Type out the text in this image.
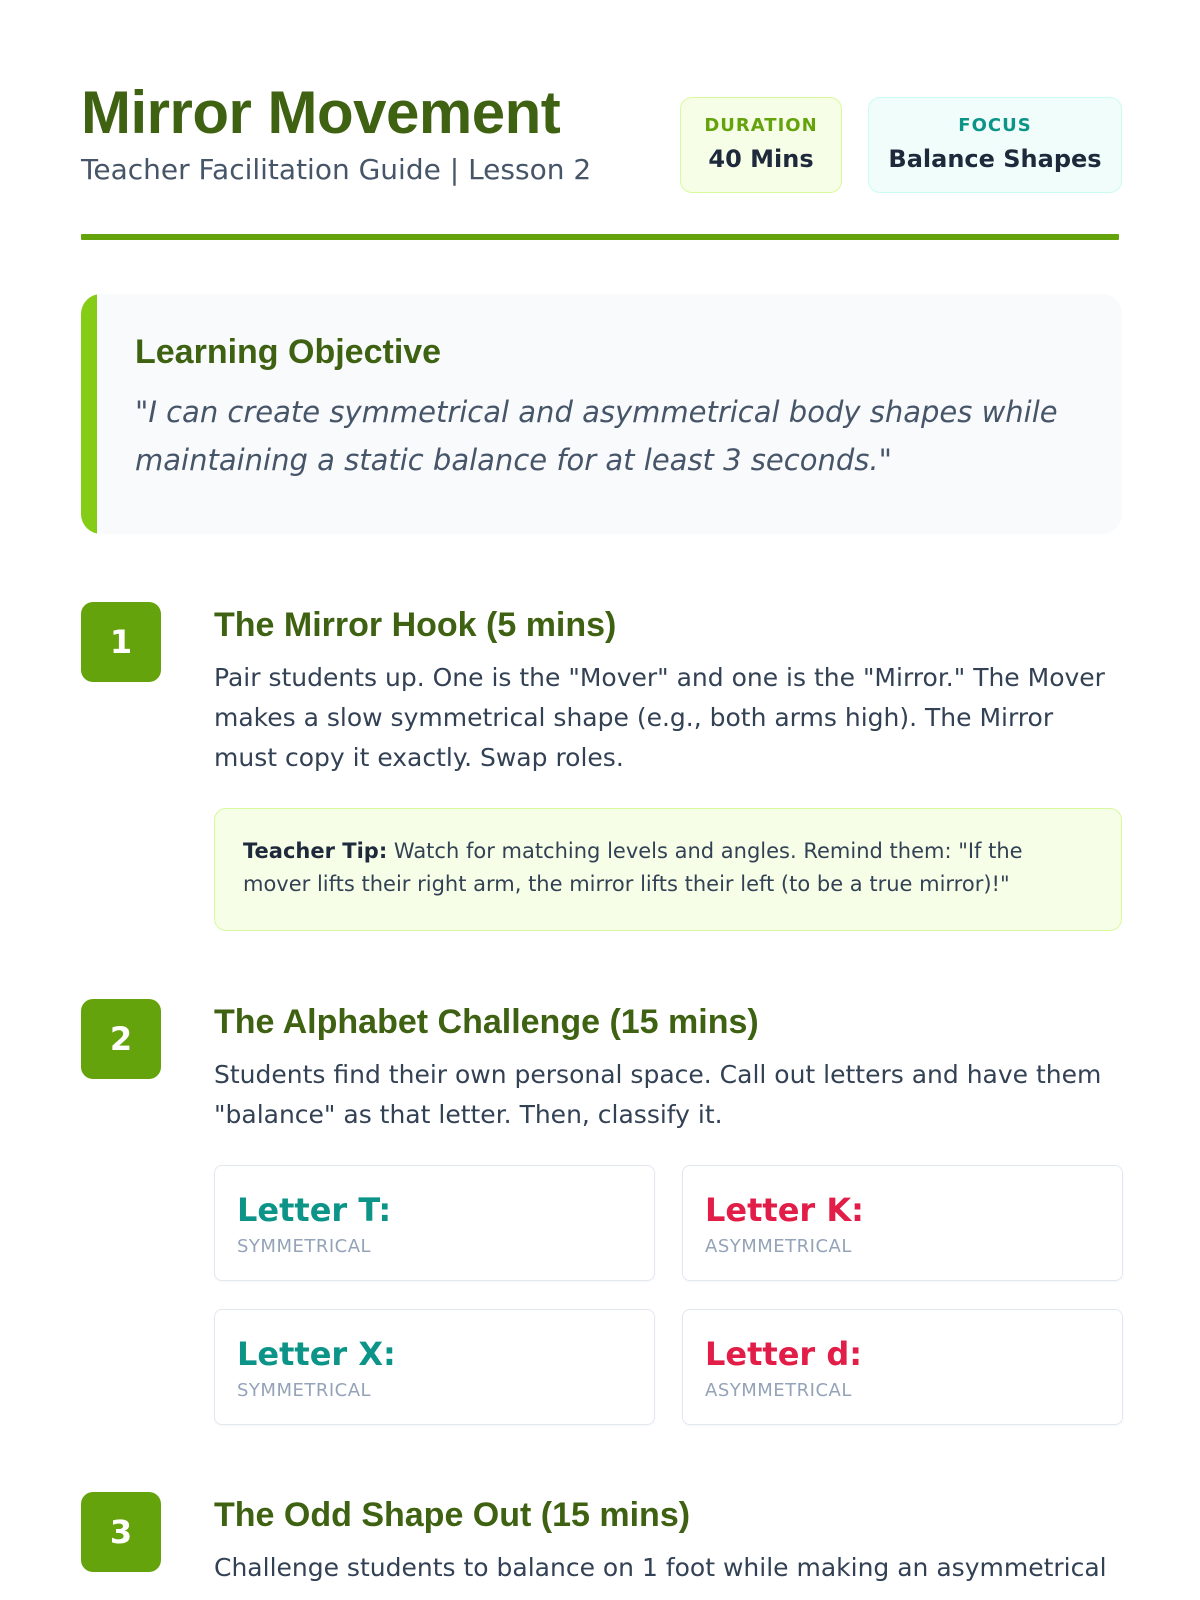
Mirror Movement
Teacher Facilitation Guide | Lesson 2
DURATION
40 Mins
FOCUS
Balance Shapes
Learning Objective

"I can create symmetrical and asymmetrical body shapes while maintaining a static balance for at least 3 seconds."

1	The Mirror Hook (5 mins)

Pair students up. One is the "Mover" and one is the "Mirror." The Mover makes a slow symmetrical shape (e.g., both arms high). The Mirror must copy it exactly. Swap roles.

Teacher Tip: Watch for matching levels and angles. Remind them: "If the mover lifts their right arm, the mirror lifts their left (to be a true mirror)!"
2	The Alphabet Challenge (15 mins)

Students find their own personal space. Call out letters and have them "balance" as that letter. Then, classify it.

Letter T:
SYMMETRICAL
Letter K:
ASYMMETRICAL
Letter X:
SYMMETRICAL
Letter d:
ASYMMETRICAL
3	The Odd Shape Out (15 mins)

Challenge students to balance on 1 foot while making an asymmetrical
